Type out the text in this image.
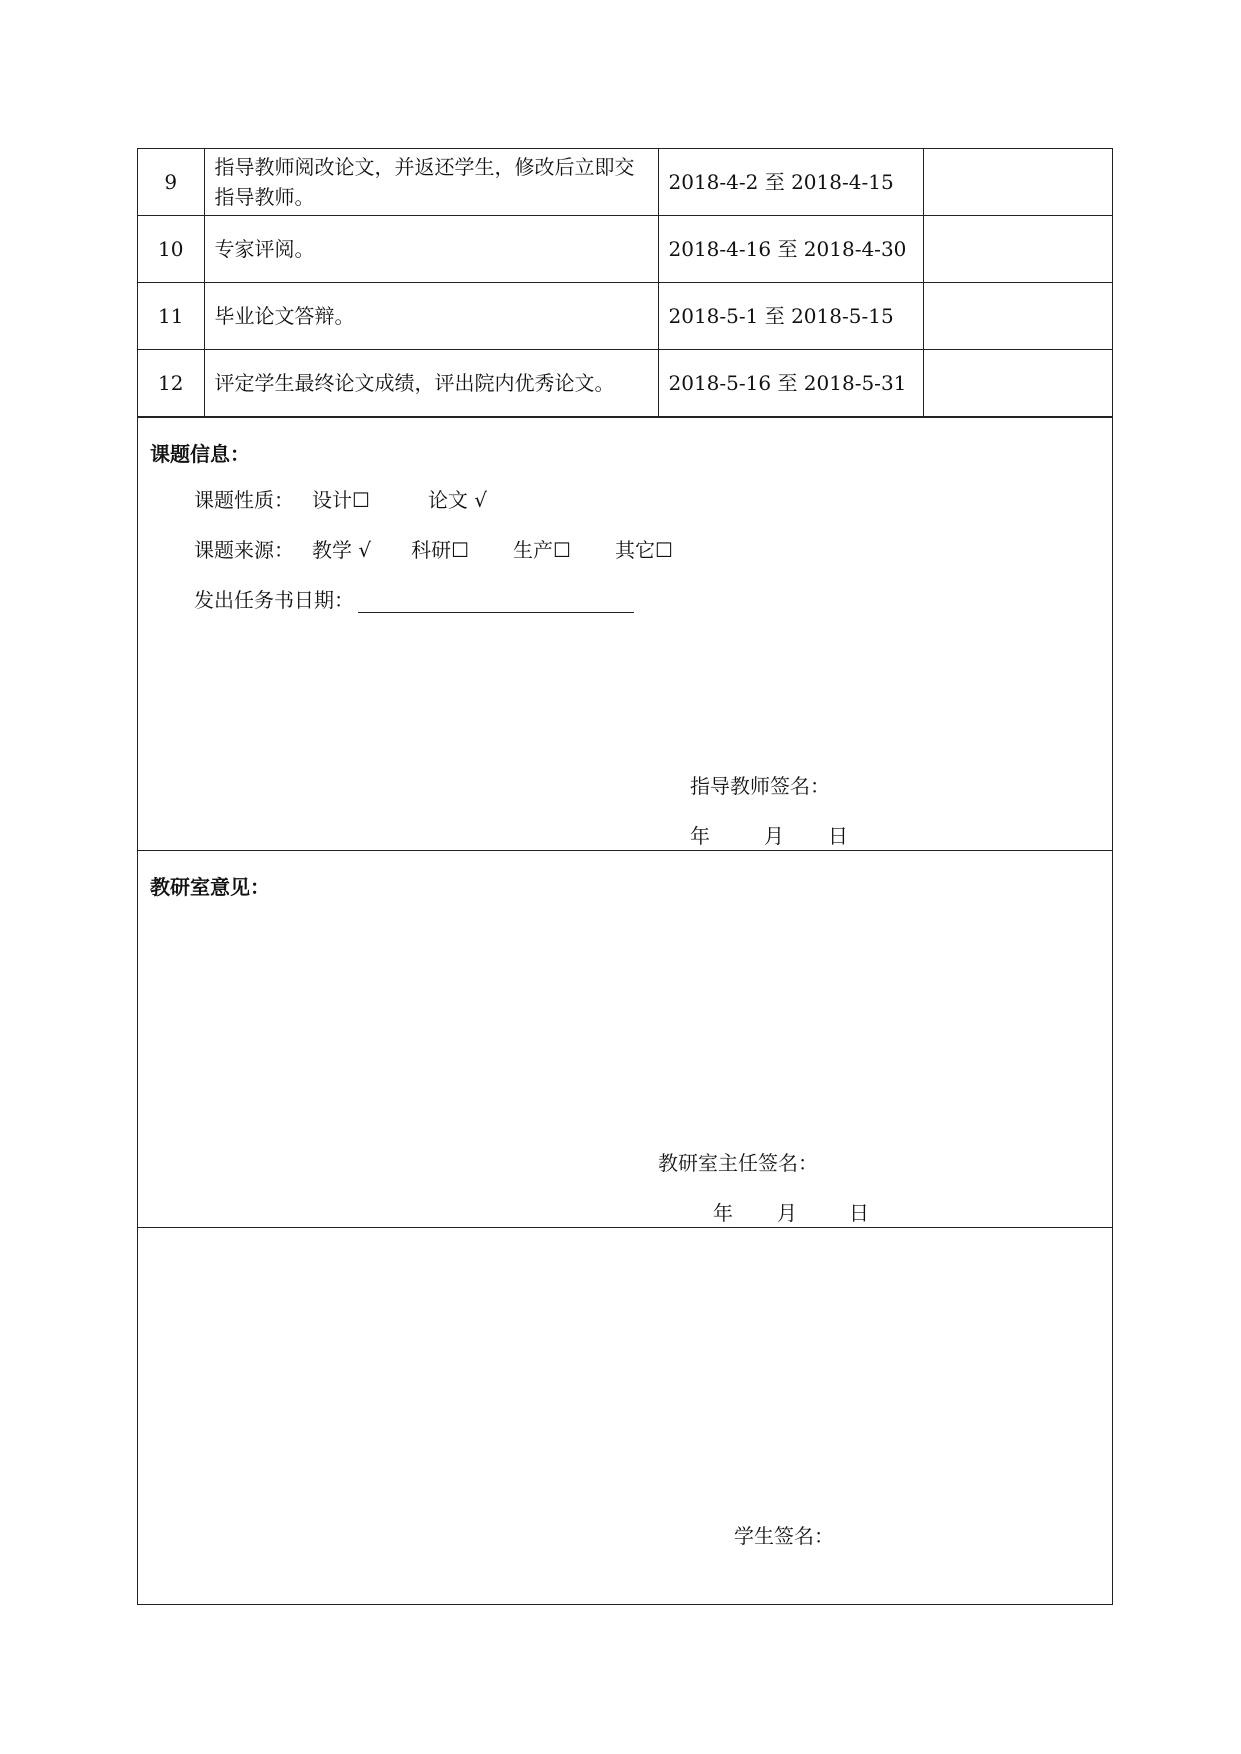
9	指导教师阅改论文，并返还学生，修改后立即交指导教师。	2018-4-2 至 2018-4-15	
10	专家评阅。	2018-4-16 至 2018-4-30	
11	毕业论文答辩。	2018-5-1 至 2018-5-15	
12	评定学生最终论文成绩，评出院内优秀论文。	2018-5-16 至 2018-5-31	
课题信息：
课题性质： 设计☐	论文 √
课题来源： 教学 √ 科研☐ 生产☐ 其它☐
发出任务书日期：
指导教师签名：
年	月 日
教研室意见：
教研室主任签名：
年 月	日
学生签名：
